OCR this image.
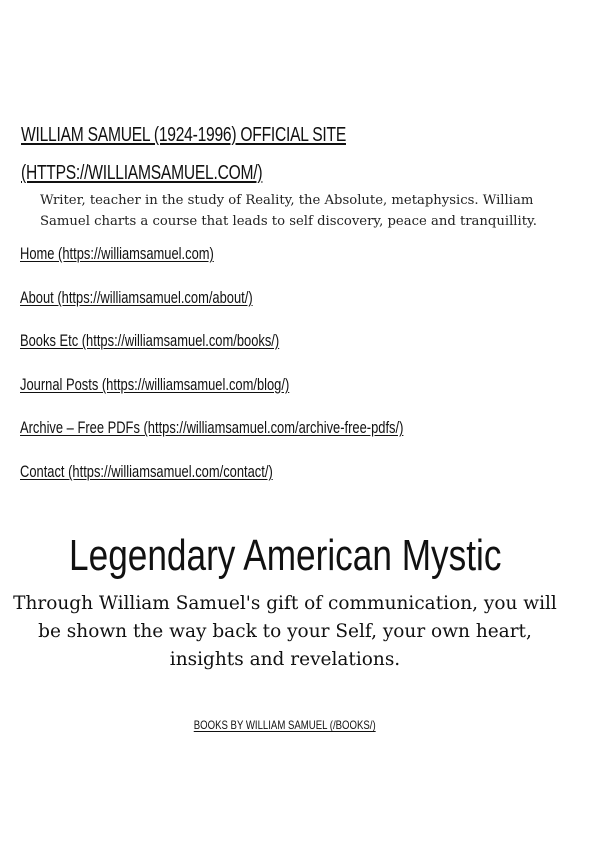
WILLIAM SAMUEL (1924-1996) OFFICIAL SITE
(HTTPS://WILLIAMSAMUEL.COM/)
Writer, teacher in the study of Reality, the Absolute, metaphysics. William Samuel charts a course that leads to self discovery, peace and tranquillity.
Home (https://williamsamuel.com)
About (https://williamsamuel.com/about/)
Books Etc (https://williamsamuel.com/books/)
Journal Posts (https://williamsamuel.com/blog/)
Archive – Free PDFs (https://williamsamuel.com/archive-free-pdfs/)
Contact (https://williamsamuel.com/contact/)
Legendary American Mystic
Through William Samuel's gift of communication, you will be shown the way back to your Self, your own heart, insights and revelations.
BOOKS BY WILLIAM SAMUEL (/BOOKS/)
